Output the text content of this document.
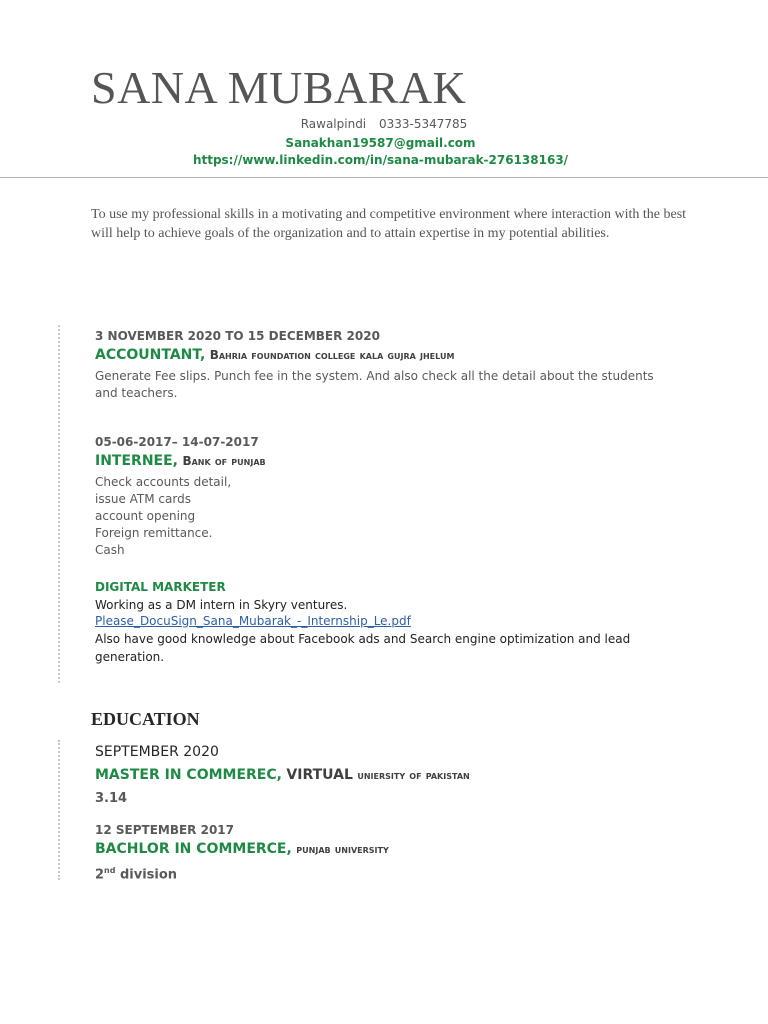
SANA MUBARAK
Rawalpindi 0333-5347785
Sanakhan19587@gmail.com
https://www.linkedin.com/in/sana-mubarak-276138163/
To use my professional skills in a motivating and competitive environment where interaction with the best will help to achieve goals of the organization and to attain expertise in my potential abilities.
3 NOVEMBER 2020 TO 15 DECEMBER 2020
ACCOUNTANT, Bahria foundation college kala gujra jhelum
Generate Fee slips. Punch fee in the system. And also check all the detail about the students and teachers.
05-06-2017– 14-07-2017
INTERNEE, Bank of punjab
Check accounts detail,
issue ATM cards
account opening
Foreign remittance.
Cash
DIGITAL MARKETER
Working as a DM intern in Skyry ventures.
Please_DocuSign_Sana_Mubarak_-_Internship_Le.pdf
Also have good knowledge about Facebook ads and Search engine optimization and lead generation.
EDUCATION
SEPTEMBER 2020
MASTER IN COMMEREC, VIRTUAL uniersity of pakistan
3.14
12 SEPTEMBER 2017
BACHLOR IN COMMERCE, punjab university
2nd division
